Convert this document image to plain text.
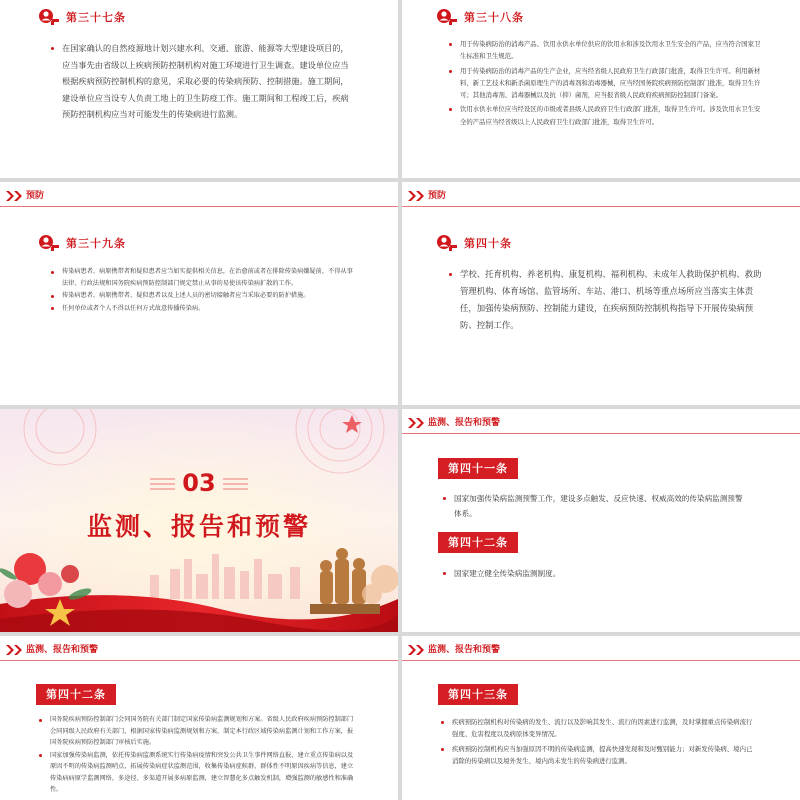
第三十七条
在国家确认的自然疫源地计划兴建水利、交通、旅游、能源等大型建设项目的，应当事先由省级以上疾病预防控制机构对施工环境进行卫生调查。建设单位应当根据疾病预防控制机构的意见，采取必要的传染病预防、控制措施。施工期间，建设单位应当设专人负责工地上的卫生防疫工作。施工期间和工程竣工后，疾病预防控制机构应当对可能发生的传染病进行监测。
第三十八条
用于传染病防治的消毒产品、饮用水供水单位供应的饮用水和涉及饮用水卫生安全的产品，应当符合国家卫生标准和卫生规范。
用于传染病防治的消毒产品的生产企业，应当经省级人民政府卫生行政部门批准，取得卫生许可。利用新材料、新工艺技术和新杀菌原理生产的消毒剂和消毒器械，应当经国务院疾病预防控制部门批准，取得卫生许可；其他消毒剂、消毒器械以及抗（抑）菌剂，应当报省级人民政府疾病预防控制部门备案。
饮用水供水单位应当经设区的市级或者县级人民政府卫生行政部门批准，取得卫生许可。涉及饮用水卫生安全的产品应当经省级以上人民政府卫生行政部门批准，取得卫生许可。
预防
第三十九条
传染病患者、病原携带者和疑似患者应当如实提供相关信息，在治愈前或者在排除传染病嫌疑前，不得从事法律、行政法规和国务院疾病预防控制部门规定禁止从事的易使该传染病扩散的工作。
传染病患者、病原携带者、疑似患者以及上述人员的密切接触者应当采取必要的防护措施。
任何单位或者个人不得以任何方式故意传播传染病。
预防
第四十条
学校、托育机构、养老机构、康复机构、福利机构、未成年人救助保护机构、救助管理机构、体育场馆、监管场所、车站、港口、机场等重点场所应当落实主体责任，加强传染病预防、控制能力建设，在疾病预防控制机构指导下开展传染病预防、控制工作。
03
监测、报告和预警
监测、报告和预警
第四十一条
国家加强传染病监测预警工作，建设多点触发、反应快速、权威高效的传染病监测预警体系。
第四十二条
国家建立健全传染病监测制度。
监测、报告和预警
第四十二条
国务院疾病预防控制部门会同国务院有关部门制定国家传染病监测规划和方案。省级人民政府疾病预防控制部门会同同级人民政府有关部门，根据国家传染病监测规划和方案，制定本行政区域传染病监测计划和工作方案，报国务院疾病预防控制部门审核后实施。
国家加强传染病监测，依托传染病监测系统实行传染病疫情和突发公共卫生事件网络直报，建立重点传染病以及原因不明的传染病监测哨点，拓展传染病症状监测范围，收集传染病症候群、群体性不明原因疾病等信息，建立传染病病原学监测网络，多途径、多渠道开展多病原监测，建立智慧化多点触发机制，增强监测的敏感性和准确性。
监测、报告和预警
第四十三条
疾病预防控制机构对传染病的发生、流行以及影响其发生、流行的因素进行监测，及时掌握重点传染病流行强度、危害程度以及病原体变异情况。
疾病预防控制机构应当加强原因不明的传染病监测，提高快速发现和及时甄别能力；对新发传染病、境内已消除的传染病以及境外发生、境内尚未发生的传染病进行监测。
